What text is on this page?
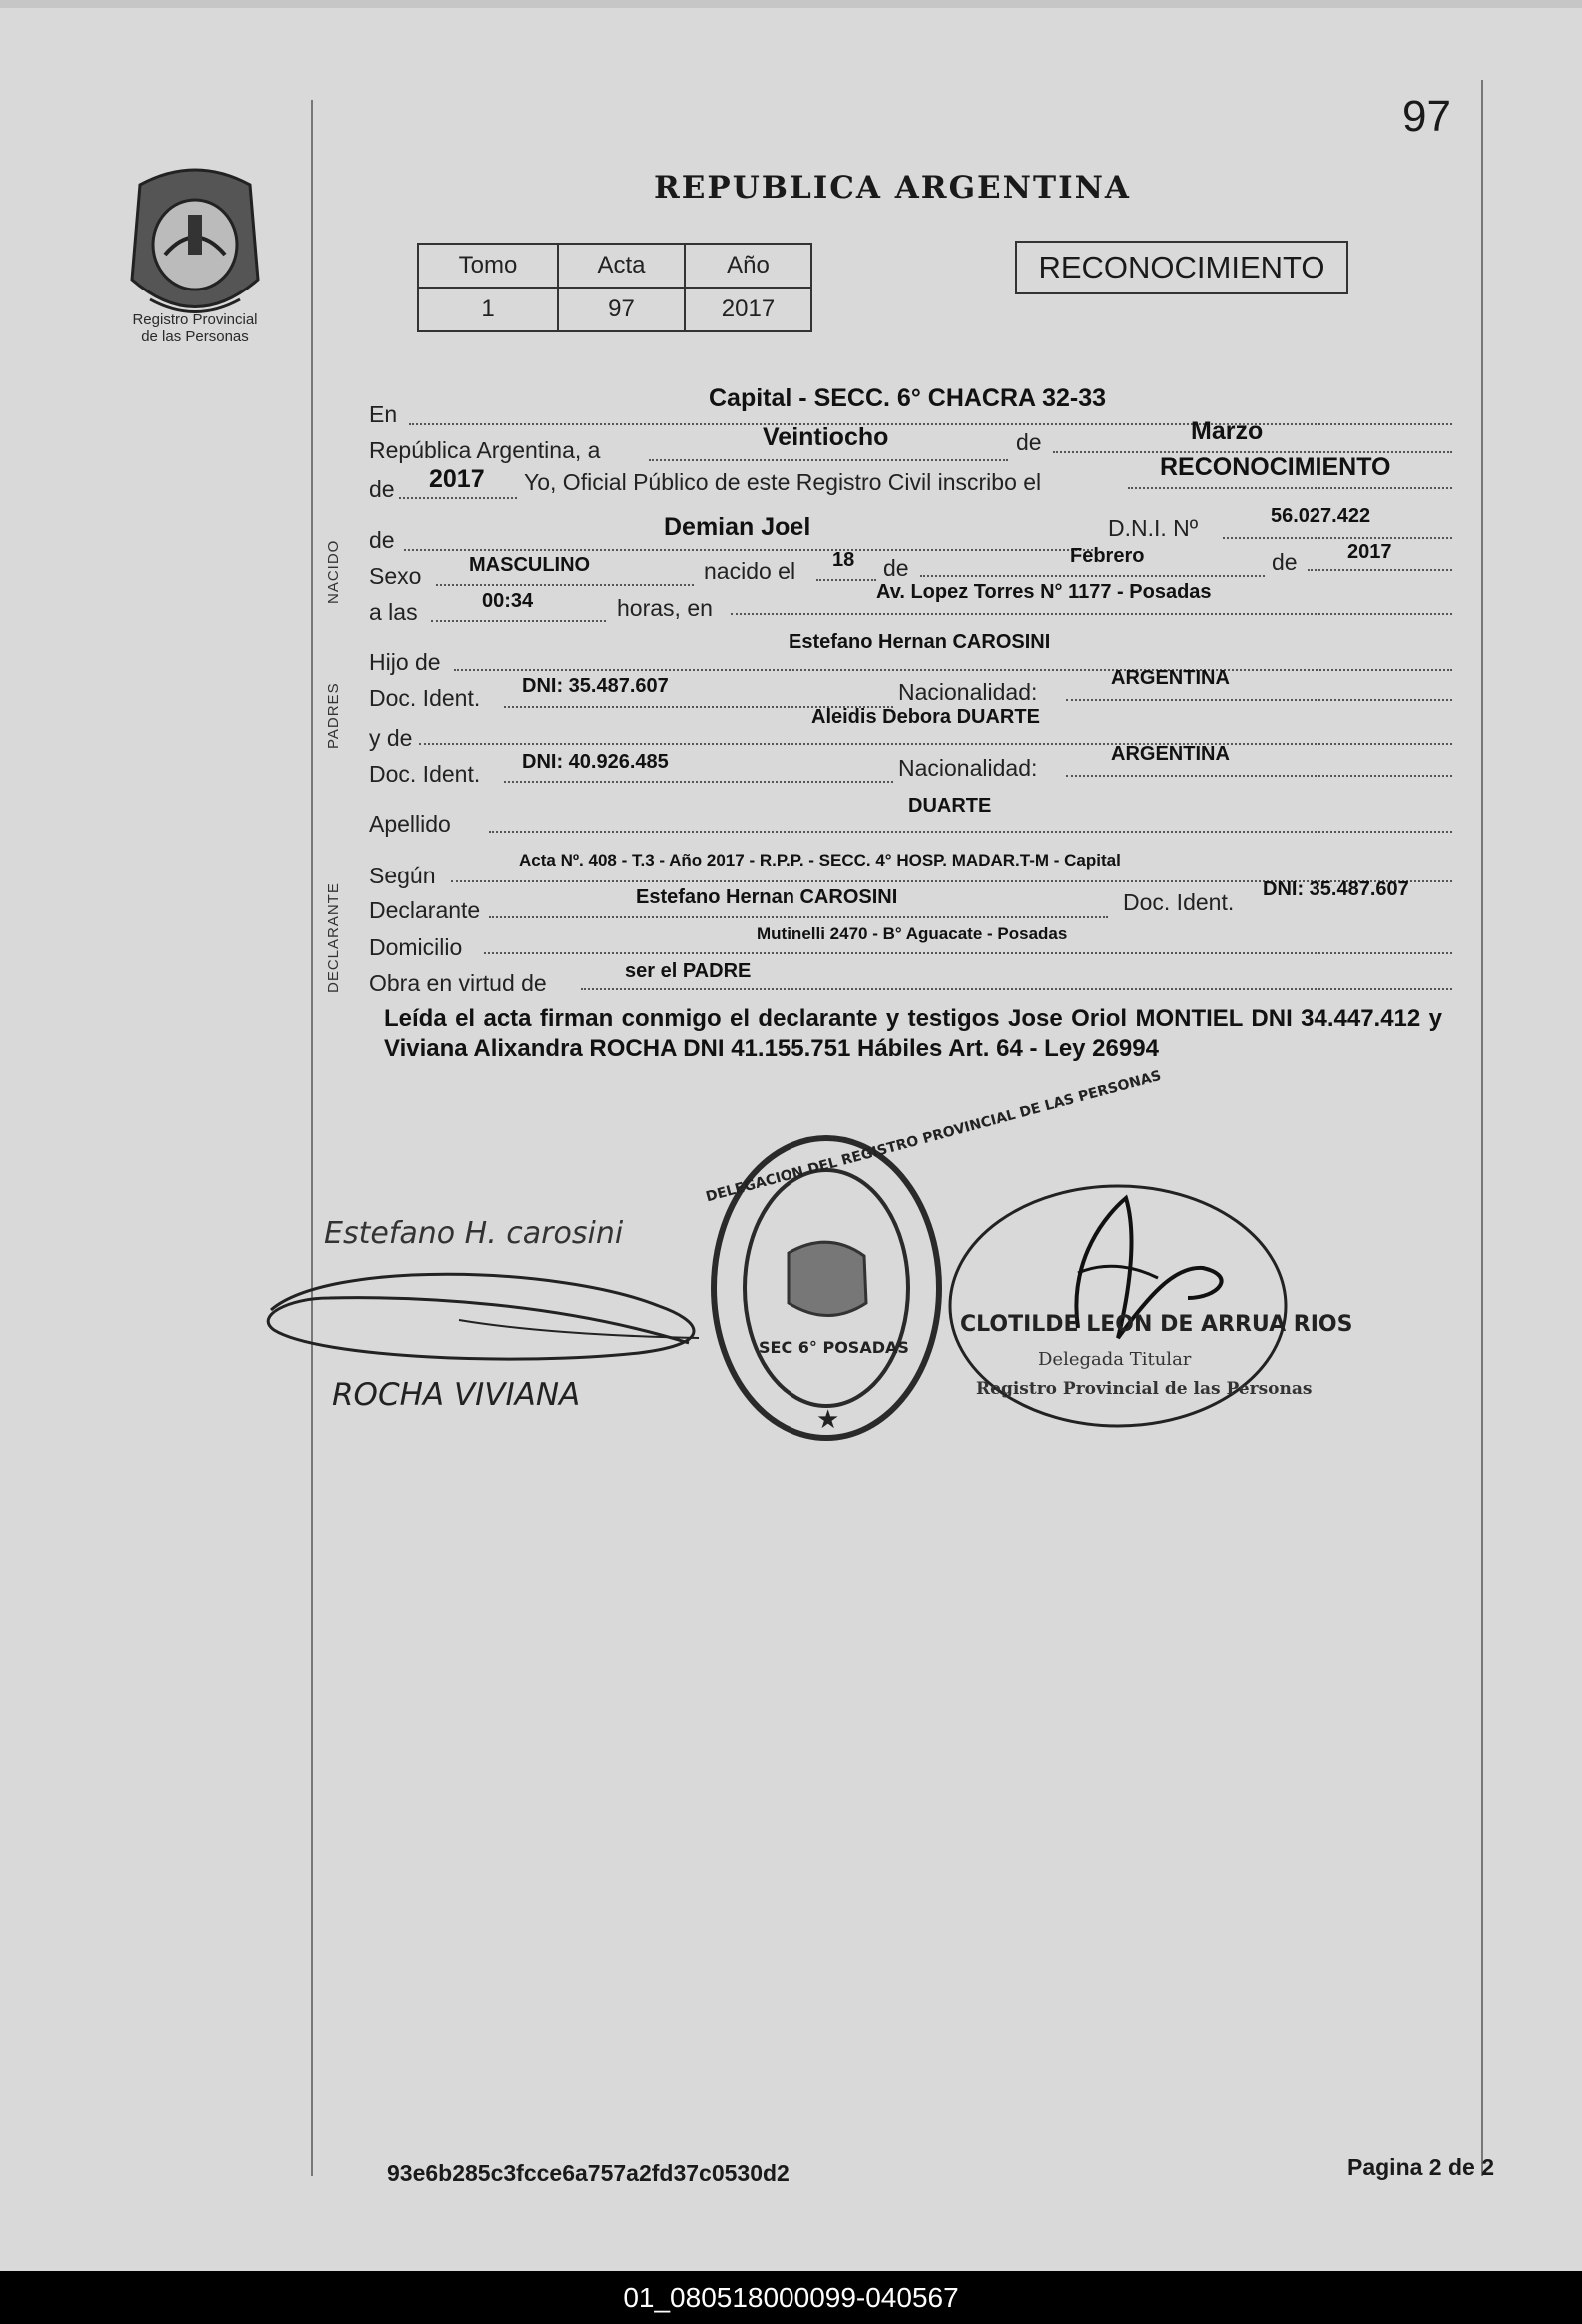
97
Registro Provincial
de las Personas
REPUBLICA ARGENTINA
Tomo	Acta	Año
1	97	2017
RECONOCIMIENTO
NACIDO
PADRES
DECLARANTE
En
Capital - SECC. 6° CHACRA 32-33
República Argentina, a	Veintiocho	de	Marzo
de 2017 Yo, Oficial Público de este Registro Civil inscribo el
RECONOCIMIENTO
de	Demian Joel	D.N.I. Nº	56.027.422
Sexo MASCULINO	nacido el 18 de	Febrero	de	2017
a las	00:34	horas, en
Av. Lopez Torres N° 1177 - Posadas
Hijo de
Estefano Hernan CAROSINI
Doc. Ident. DNI: 35.487.607	Nacionalidad:
ARGENTINA
y de
Aleidis Debora DUARTE
Doc. Ident. DNI: 40.926.485	Nacionalidad:
ARGENTINA
Apellido
DUARTE
Según
Acta Nº. 408 - T.3 - Año 2017 - R.P.P. - SECC. 4° HOSP. MADAR.T-M - Capital
Declarante	Estefano Hernan CAROSINI	Doc. Ident. DNI: 35.487.607
Domicilio
Mutinelli 2470 - B° Aguacate - Posadas
Obra en virtud de	ser el PADRE
Leída el acta firman conmigo el declarante y testigos Jose Oriol MONTIEL DNI 34.447.412 y Viviana Alixandra ROCHA DNI 41.155.751 Hábiles Art. 64 - Ley 26994
Estefano H. carosini
ROCHA VIVIANA
DELEGACION DEL REGISTRO PROVINCIAL DE LAS PERSONAS
SEC 6° POSADAS
★
CLOTILDE LEON DE ARRUA RIOS
Delegada Titular
Registro Provincial de las Personas
93e6b285c3fcce6a757a2fd37c0530d2	Pagina 2 de 2
01_080518000099-040567
